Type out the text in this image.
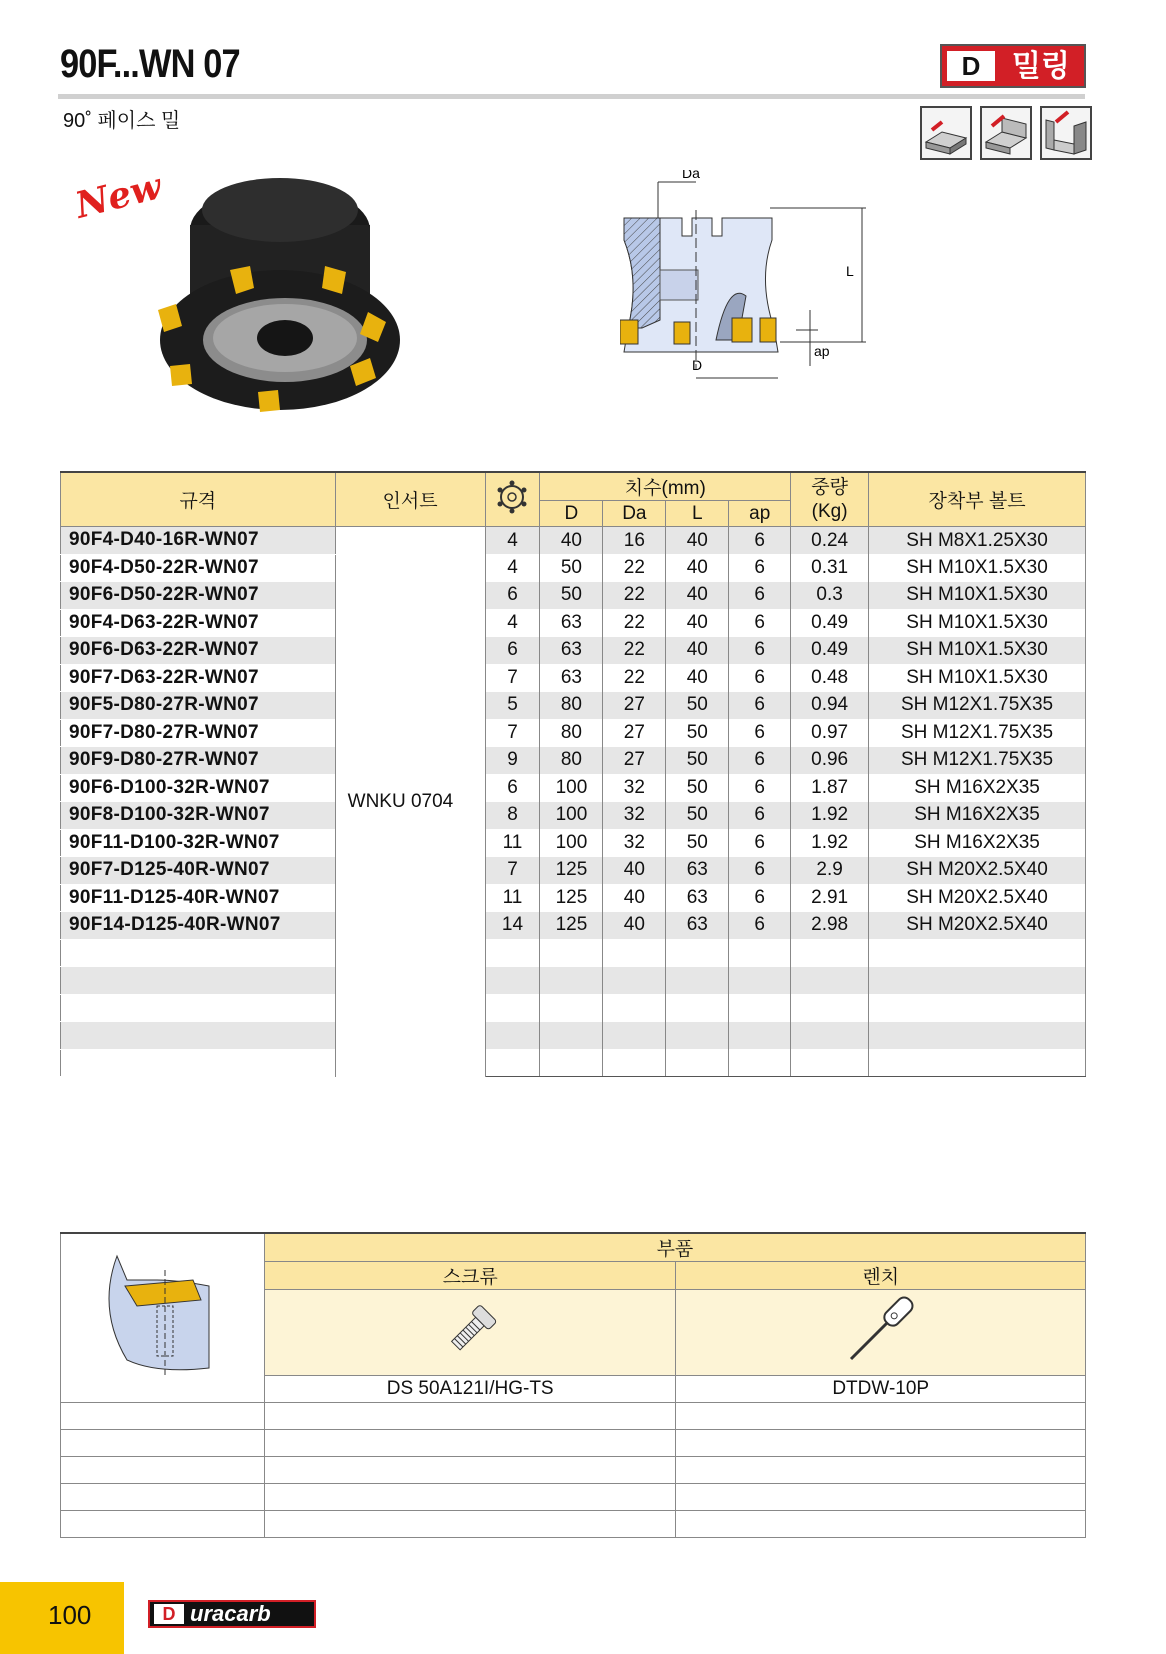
90F...WN 07
90˚ 페이스 밀
D	밀링
New	Da
L
ap
D
규격	인서트		치수(mm)				중량
(Kg)	장착부 볼트
			D	Da	L	ap		
90F4-D40-16R-WN07	WNKU 0704	4	40	16	40	6	0.24	SH M8X1.25X30
90F4-D50-22R-WN07		4	50	22	40	6	0.31	SH M10X1.5X30
90F6-D50-22R-WN07		6	50	22	40	6	0.3	SH M10X1.5X30
90F4-D63-22R-WN07		4	63	22	40	6	0.49	SH M10X1.5X30
90F6-D63-22R-WN07		6	63	22	40	6	0.49	SH M10X1.5X30
90F7-D63-22R-WN07		7	63	22	40	6	0.48	SH M10X1.5X30
90F5-D80-27R-WN07		5	80	27	50	6	0.94	SH M12X1.75X35
90F7-D80-27R-WN07		7	80	27	50	6	0.97	SH M12X1.75X35
90F9-D80-27R-WN07		9	80	27	50	6	0.96	SH M12X1.75X35
90F6-D100-32R-WN07		6	100	32	50	6	1.87	SH M16X2X35
90F8-D100-32R-WN07		8	100	32	50	6	1.92	SH M16X2X35
90F11-D100-32R-WN07		11	100	32	50	6	1.92	SH M16X2X35
90F7-D125-40R-WN07		7	125	40	63	6	2.9	SH M20X2.5X40
90F11-D125-40R-WN07		11	125	40	63	6	2.91	SH M20X2.5X40
90F14-D125-40R-WN07		14	125	40	63	6	2.98	SH M20X2.5X40

	부품	
	스크류	렌치

	DS 50A121I/HG-TS	DTDW-10P

100	D uracarb
